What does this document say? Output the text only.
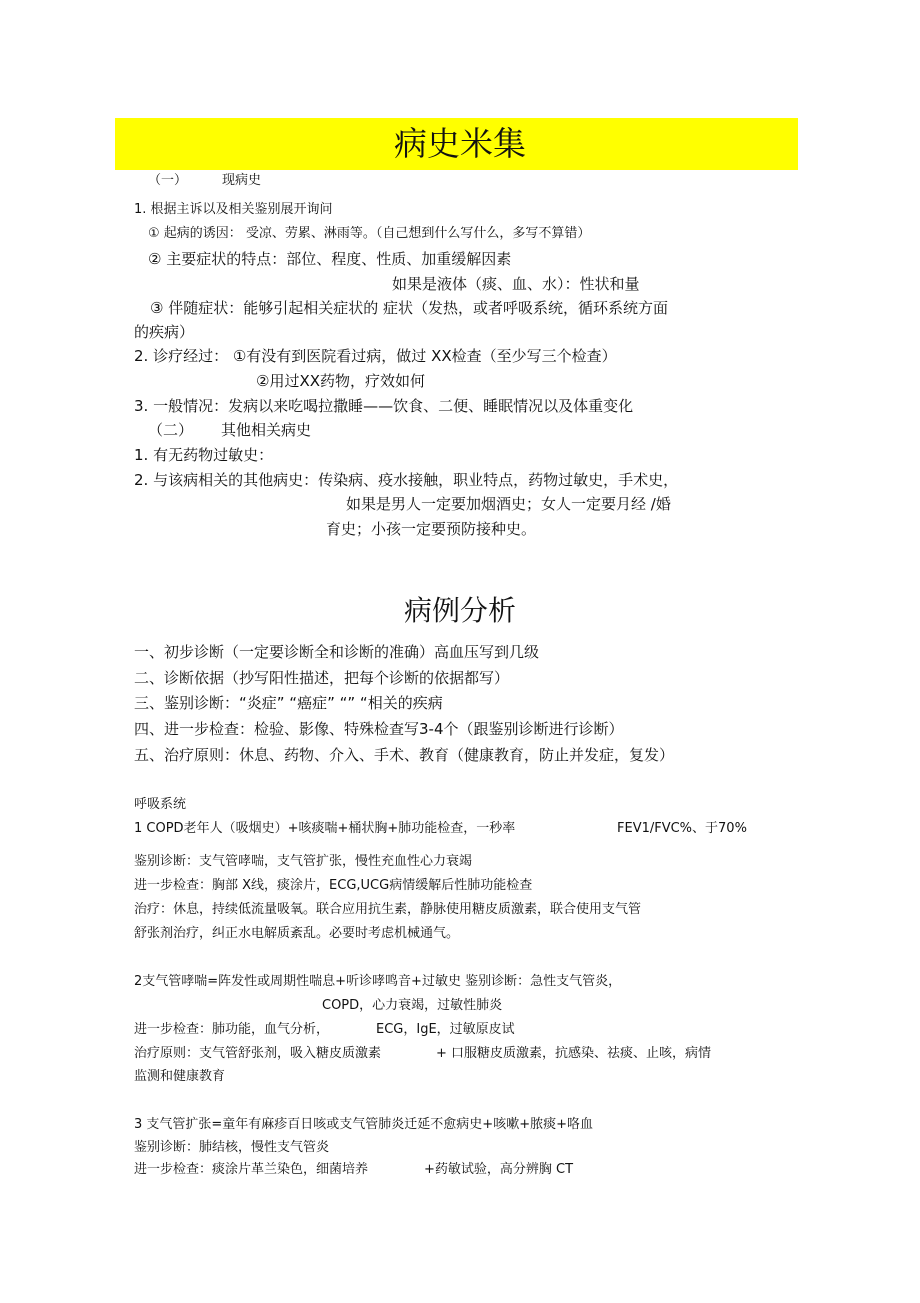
病史米集
（一）	现病史
1. 根据主诉以及相关鉴别展开询问
① 起病的诱因： 受凉、劳累、淋雨等。（自己想到什么写什么，多写不算错）
② 主要症状的特点：部位、程度、性质、加重缓解因素
如果是液体（痰、血、水）：性状和量
③ 伴随症状：能够引起相关症状的 症状（发热，或者呼吸系统，循环系统方面
的疾病）
2. 诊疗经过： ①有没有到医院看过病，做过 XX检查（至少写三个检查）
②用过XX药物，疗效如何
3. 一般情况：发病以来吃喝拉撒睡——饮食、二便、睡眠情况以及体重变化
（二） 其他相关病史
1. 有无药物过敏史：
2. 与该病相关的其他病史：传染病、疫水接触，职业特点，药物过敏史，手术史，
如果是男人一定要加烟酒史；女人一定要月经 /婚
育史；小孩一定要预防接种史。
病例分析
一、初步诊断（一定要诊断全和诊断的准确）高血压写到几级
二、诊断依据（抄写阳性描述，把每个诊断的依据都写）
三、鉴别诊断：“炎症” “癌症” “” “相关的疾病
四、进一步检查：检验、影像、特殊检查写3-4个（跟鉴别诊断进行诊断）
五、治疗原则：休息、药物、介入、手术、教育（健康教育，防止并发症，复发）
呼吸系统
1 COPD老年人（吸烟史）+咳痰喘+桶状胸+肺功能检查，一秒率	FEV1/FVC%、于70%
鉴别诊断：支气管哮喘，支气管扩张，慢性充血性心力衰竭
进一步检查：胸部 X线，痰涂片，ECG,UCG病情缓解后性肺功能检查
治疗：休息，持续低流量吸氧。联合应用抗生素，静脉使用糖皮质激素，联合使用支气管
舒张剂治疗，纠正水电解质紊乱。必要时考虑机械通气。
2支气管哮喘=阵发性或周期性喘息+听诊哮鸣音+过敏史 鉴别诊断：急性支气管炎，
COPD，心力衰竭，过敏性肺炎
进一步检查：肺功能，血气分析，	ECG，IgE，过敏原皮试
治疗原则：支气管舒张剂，吸入糖皮质激素	+ 口服糖皮质激素，抗感染、祛痰、止咳，病情
监测和健康教育
3 支气管扩张=童年有麻疹百日咳或支气管肺炎迁延不愈病史+咳嗽+脓痰+咯血
鉴别诊断：肺结核，慢性支气管炎
进一步检查：痰涂片革兰染色，细菌培养	+药敏试验，高分辨胸 CT
